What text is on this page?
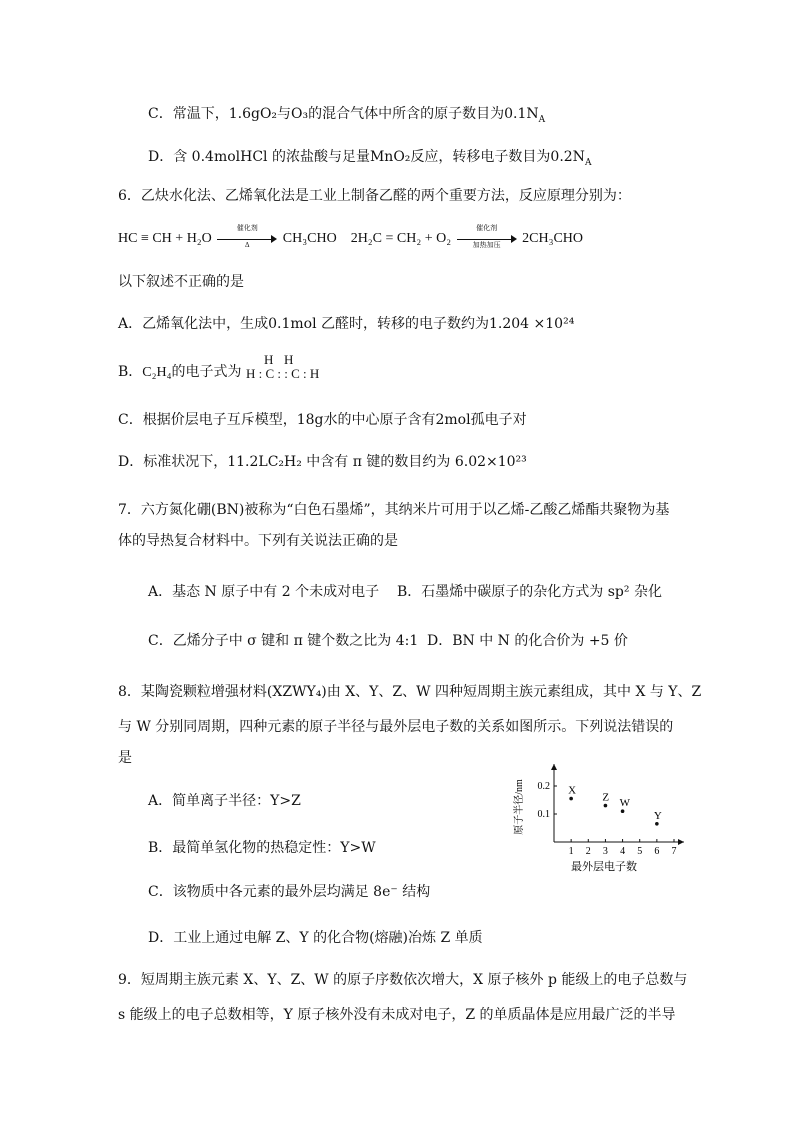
C．常温下，1.6gO₂与O₃的混合气体中所含的原子数目为$0.1N_A$
D．含 0.4molHCl 的浓盐酸与足量MnO₂反应，转移电子数目为$0.2N_A$
6．乙炔水化法、乙烯氧化法是工业上制备乙醛的两个重要方法，反应原理分别为：
HC ≡ CH + H₂O
催化剂
Δ	CH₃CHO 2H₂C = CH₂ + O₂
催化剂
加热加压	2CH₃CHO
以下叙述不正确的是
A．乙烯氧化法中，生成0.1mol 乙醛时，转移的电子数约为1.204 ×10²⁴
B．C₂H₄的电子式为
H H
H : C : : C : H
C．根据价层电子互斥模型，18g水的中心原子含有2mol孤电子对
D．标准状况下，11.2LC₂H₂ 中含有 π 键的数目约为 6.02×10²³
7．六方氮化硼(BN)被称为“白色石墨烯”，其纳米片可用于以乙烯-乙酸乙烯酯共聚物为基
体的导热复合材料中。下列有关说法正确的是
A．基态 N 原子中有 2 个未成对电子 B．石墨烯中碳原子的杂化方式为 sp² 杂化
C．乙烯分子中 σ 键和 π 键个数之比为 4:1 D．BN 中 N 的化合价为 +5 价
8．某陶瓷颗粒增强材料(XZWY₄)由 X、Y、Z、W 四种短周期主族元素组成，其中 X 与 Y、Z
与 W 分别同周期，四种元素的原子半径与最外层电子数的关系如图所示。下列说法错误的
是
A．简单离子半径：Y>Z
B．最简单氢化物的热稳定性：Y>W
C．该物质中各元素的最外层均满足 8e⁻ 结构
D．工业上通过电解 Z、Y 的化合物(熔融)冶炼 Z 单质
1 2 3 4 5 6 7
0.1
0.2
最外层电子数
原子半径/nm	X
Z W
Y
9．短周期主族元素 X、Y、Z、W 的原子序数依次增大，X 原子核外 p 能级上的电子总数与
s 能级上的电子总数相等，Y 原子核外没有未成对电子，Z 的单质晶体是应用最广泛的半导
